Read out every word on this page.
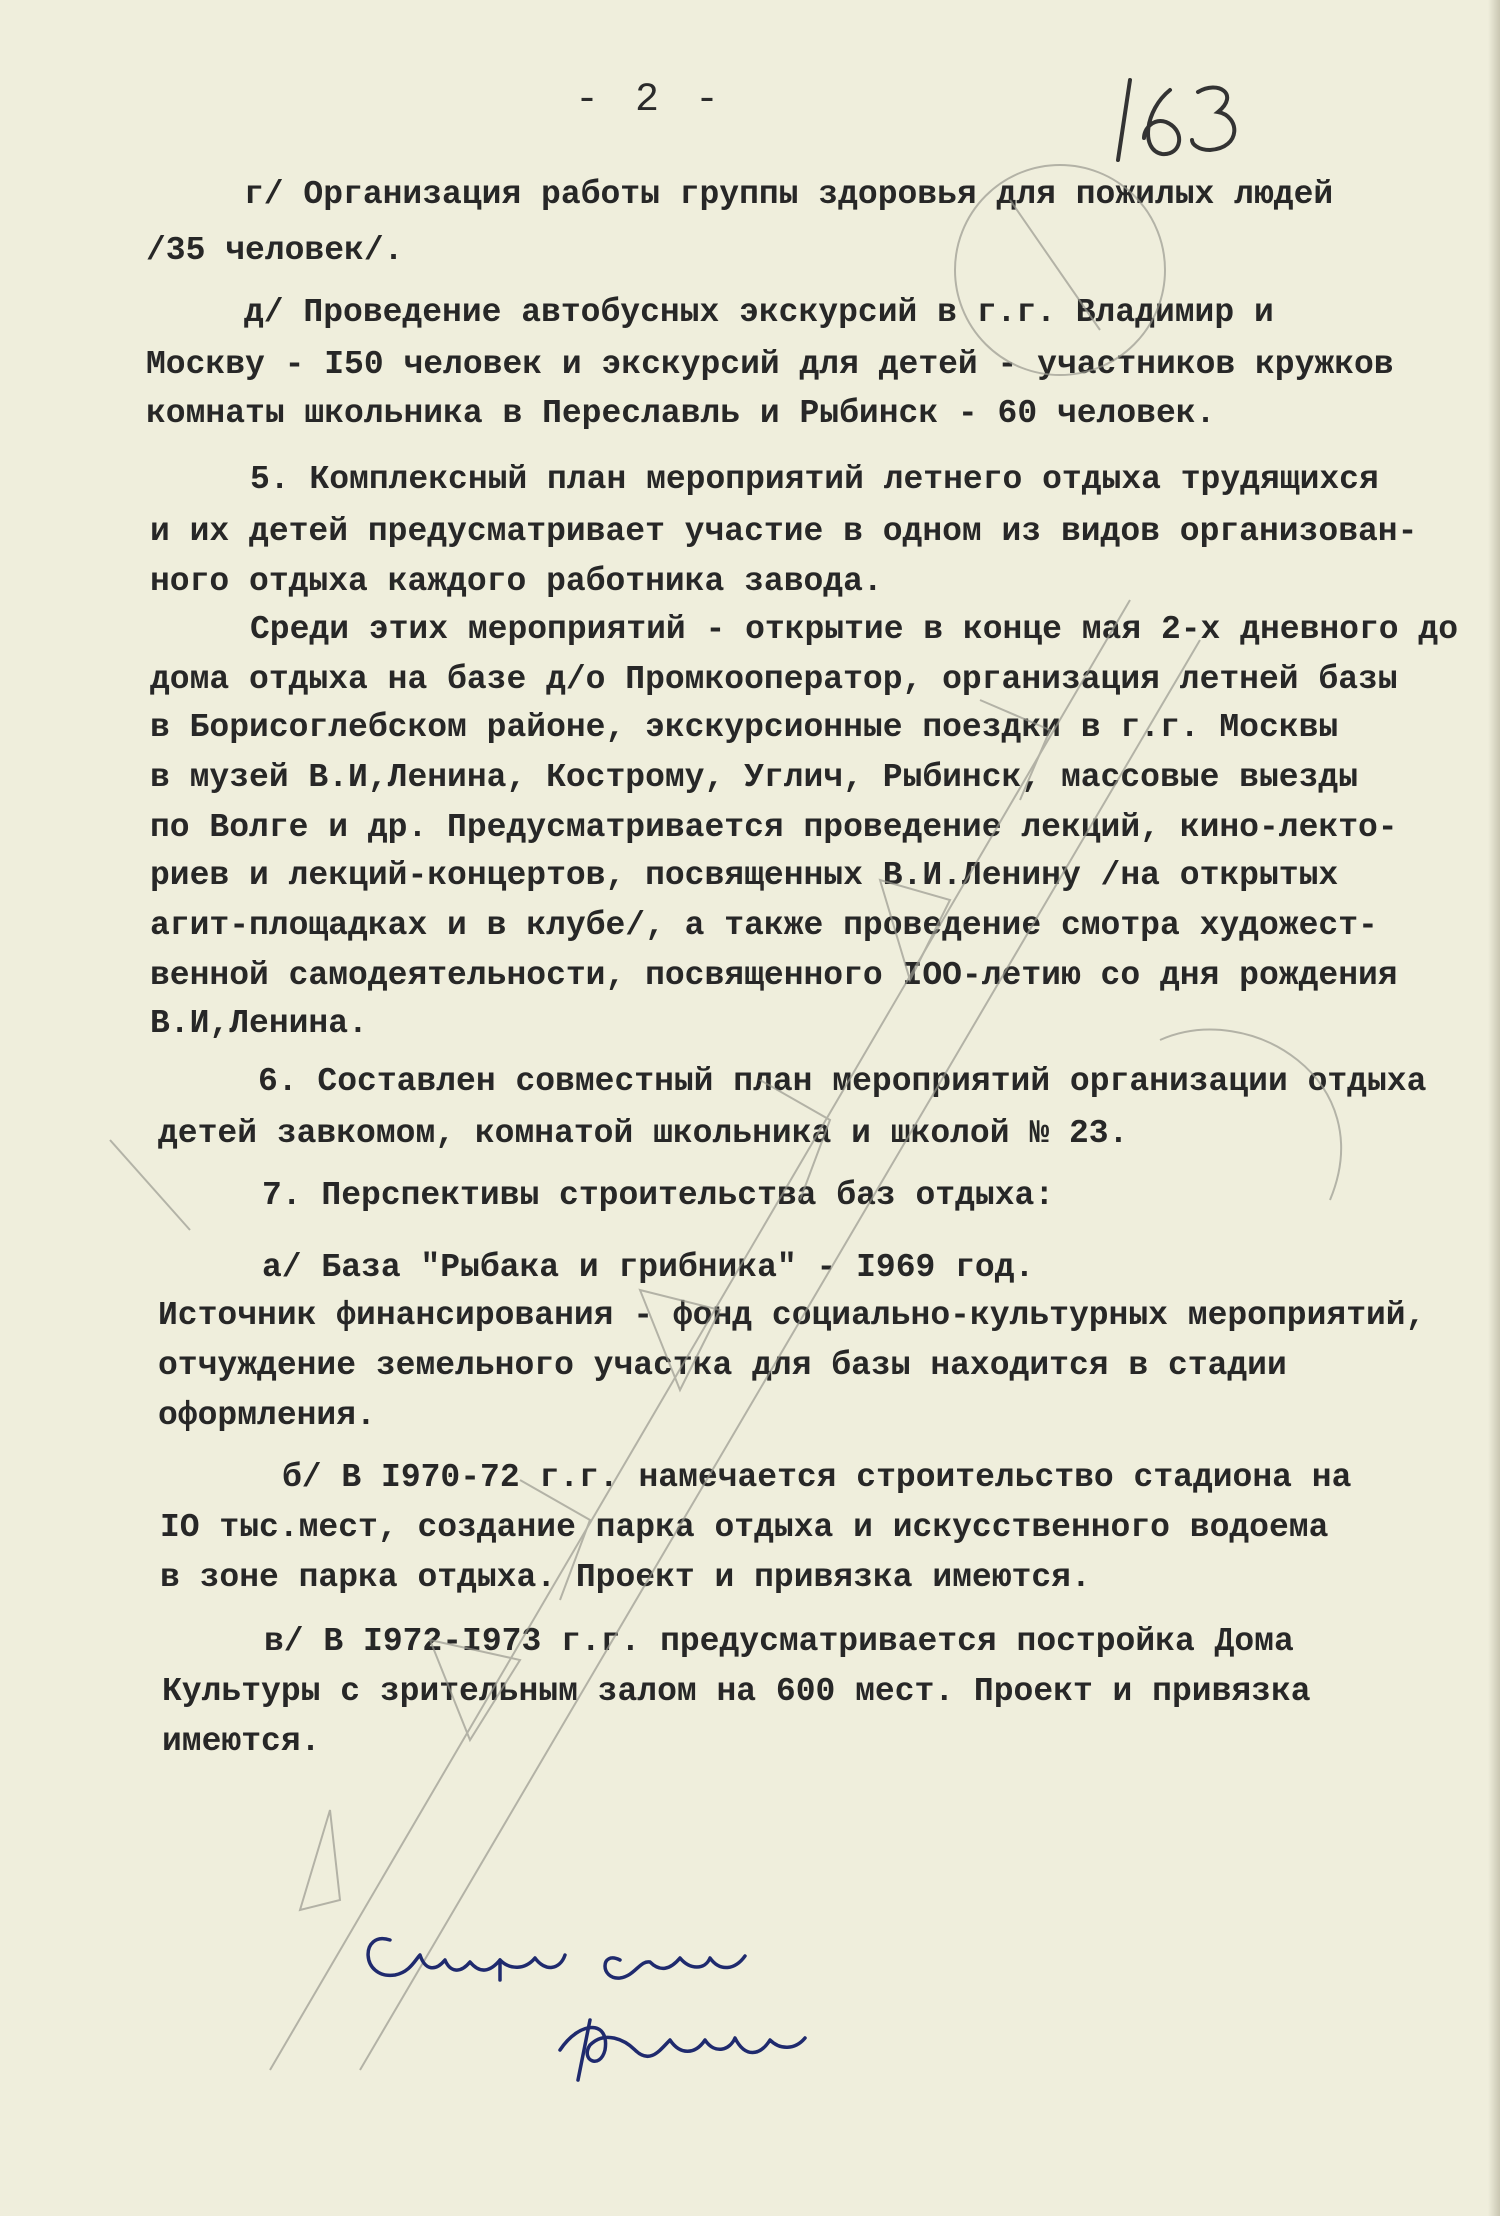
- 2 -
г/ Организация работы группы здоровья для пожилых людей
/35 человек/.
д/ Проведение автобусных экскурсий в г.г. Владимир и
Москву - I50 человек и экскурсий для детей - участников кружков
комнаты школьника в Переславль и Рыбинск - 60 человек.
5. Комплексный план мероприятий летнего отдыха трудящихся
и их детей предусматривает участие в одном из видов организован-
ного отдыха каждого работника завода.
Среди этих мероприятий - открытие в конце мая 2-х дневного до
дома отдыха на базе д/о Промкооператор, организация летней базы
в Борисоглебском районе, экскурсионные поездки в г.г. Москвы
в музей В.И,Ленина, Кострому, Углич, Рыбинск, массовые выезды
по Волге и др. Предусматривается проведение лекций, кино-лекто-
риев и лекций-концертов, посвященных В.И.Ленину /на открытых
агит-площадках и в клубе/, а также проведение смотра художест-
венной самодеятельности, посвященного IOO-летию со дня рождения
В.И,Ленина.
6. Составлен совместный план мероприятий организации отдыха
детей завкомом, комнатой школьника и школой № 23.
7. Перспективы строительства баз отдыха:
а/ База "Рыбака и грибника" - I969 год.
Источник финансирования - фонд социально-культурных мероприятий,
отчуждение земельного участка для базы находится в стадии
оформления.
б/ В I970-72 г.г. намечается строительство стадиона на
IO тыс.мест, создание парка отдыха и искусственного водоема
в зоне парка отдыха. Проект и привязка имеются.
в/ В I972-I973 г.г. предусматривается постройка Дома
Культуры с зрительным залом на 600 мест. Проект и привязка
имеются.
